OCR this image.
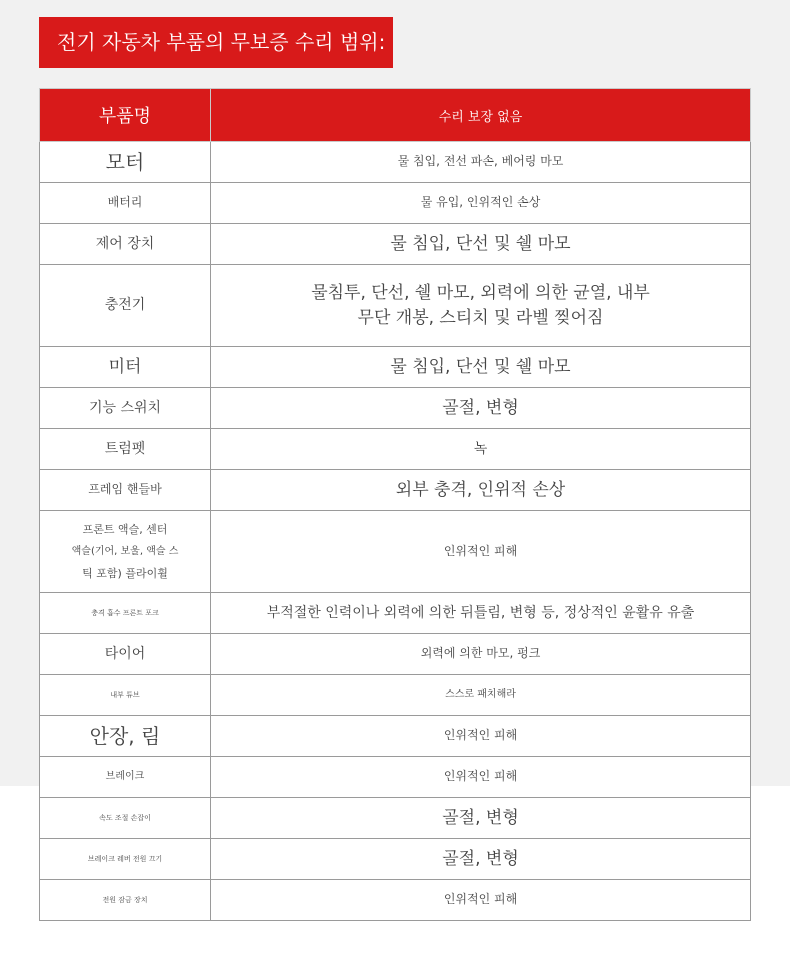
전기 자동차 부품의 무보증 수리 범위:
부품명	수리 보장 없음
모터	물 침입, 전선 파손, 베어링 마모
배터리	물 유입, 인위적인 손상
제어 장치	물 침입, 단선 및 쉘 마모
충전기	물침투, 단선, 쉘 마모, 외력에 의한 균열, 내부
무단 개봉, 스티치 및 라벨 찢어짐

미터	물 침입, 단선 및 쉘 마모
기능 스위치	골절, 변형
트럼펫	녹
프레임 핸들바	외부 충격, 인위적 손상

프론트 액슬, 센터
액슬(기어, 보울, 액슬 스
틱 포함) 플라이휠	인위적인 피해
충격 흡수 프론트 포크	부적절한 인력이나 외력에 의한 뒤틀림, 변형 등, 정상적인 윤활유 유출
타이어	외력에 의한 마모, 펑크
내부 튜브	스스로 패치해라
안장, 림	인위적인 피해
브레이크	인위적인 피해
속도 조절 손잡이	골절, 변형
브레이크 레버 전원 끄기	골절, 변형
전원 잠금 장치	인위적인 피해
